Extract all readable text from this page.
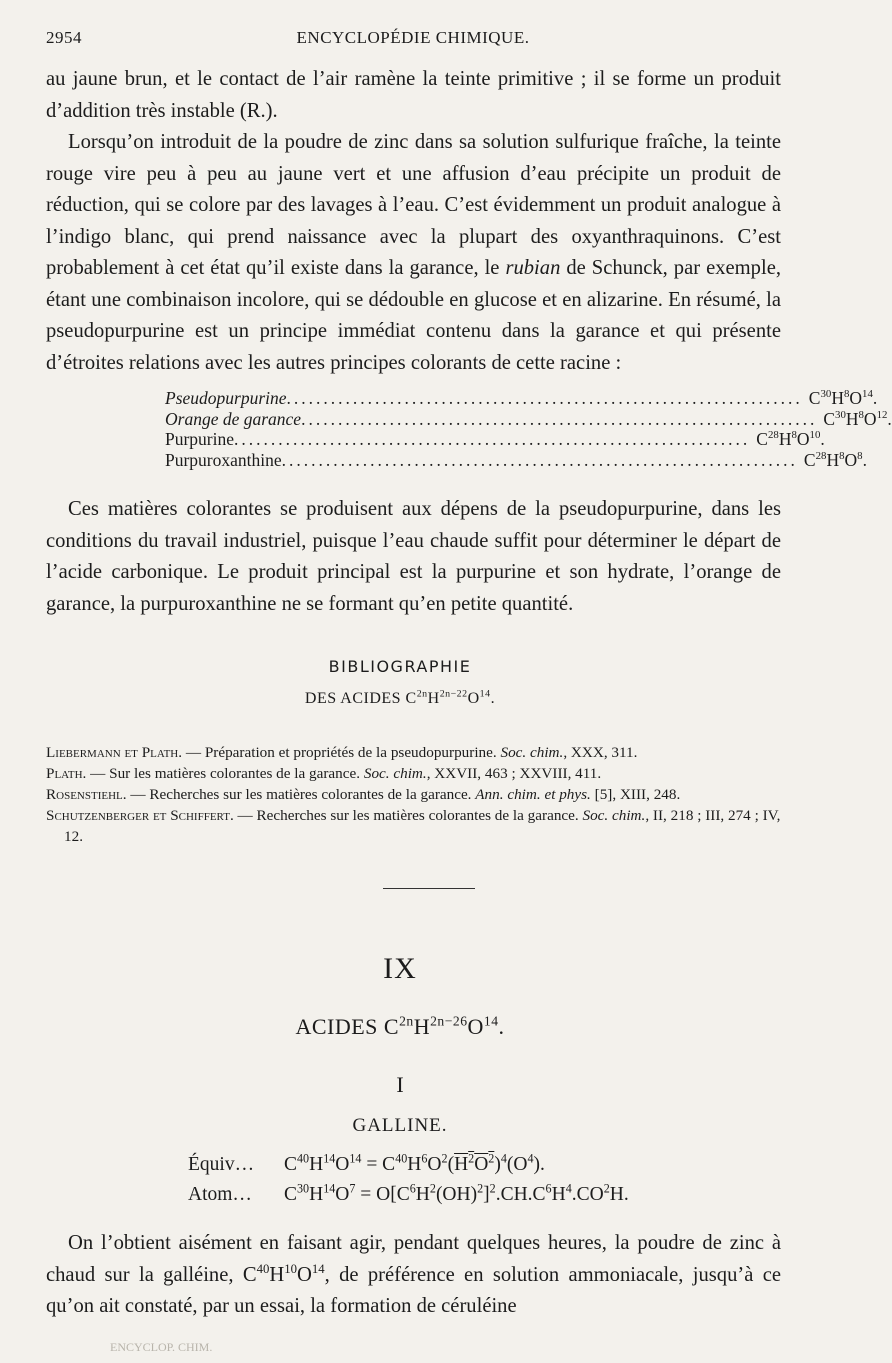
2954	ENCYCLOPÉDIE CHIMIQUE.

au jaune brun, et le contact de l’air ramène la teinte primitive ; il se forme un produit d’addition très instable (R.).

Lorsqu’on introduit de la poudre de zinc dans sa solution sulfurique fraîche, la teinte rouge vire peu à peu au jaune vert et une affusion d’eau précipite un produit de réduction, qui se colore par des lavages à l’eau. C’est évidemment un produit analogue à l’indigo blanc, qui prend naissance avec la plupart des oxyanthraquinons. C’est probablement à cet état qu’il existe dans la garance, le rubian de Schunck, par exemple, étant une combinaison incolore, qui se dédouble en glucose et en alizarine. En résumé, la pseudopurpurine est un principe immédiat contenu dans la garance et qui présente d’étroites relations avec les autres principes colorants de cette racine :

Pseudopurpurine ...................................................................... $C^{30}H^8O^{14}$.
Orange de garance ...................................................................... $C^{30}H^8O^{12}$.
Purpurine ...................................................................... $C^{28}H^8O^{10}$.
Purpuroxanthine ...................................................................... $C^{28}H^8O^8$.

Ces matières colorantes se produisent aux dépens de la pseudopurpurine, dans les conditions du travail industriel, puisque l’eau chaude suffit pour déterminer le départ de l’acide carbonique. Le produit principal est la purpurine et son hydrate, l’orange de garance, la purpuroxanthine ne se formant qu’en petite quantité.

BIBLIOGRAPHIE
DES ACIDES $C^{2n}H^{2n-22}O^{14}$.

Liebermann et Plath. — Préparation et propriétés de la pseudopurpurine. Soc. chim., XXX, 311.

Plath. — Sur les matières colorantes de la garance. Soc. chim., XXVII, 463 ; XXVIII, 411.

Rosenstiehl. — Recherches sur les matières colorantes de la garance. Ann. chim. et phys. [5], XIII, 248.

Schutzenberger et Schiffert. — Recherches sur les matières colorantes de la garance. Soc. chim., II, 218 ; III, 274 ; IV, 12.

IX
ACIDES $C^{2n}H^{2n-26}O^{14}$.
I
GALLINE.
Équiv…	$C^{40}H^{14}O^{14} = C^{40}H^6O^2(H^2O^2)^4(O^4)$.
Atom…	$C^{30}H^{14}O^7 = O[C^6H^2(OH)^2]^2.CH.C^6H^4.CO^2H$.

On l’obtient aisément en faisant agir, pendant quelques heures, la poudre de zinc à chaud sur la galléine, $C^{40}H^{10}O^{14}$, de préférence en solution ammoniacale, jusqu’à ce qu’on ait constaté, par un essai, la formation de céruléine

ENCYCLOP. CHIM.
